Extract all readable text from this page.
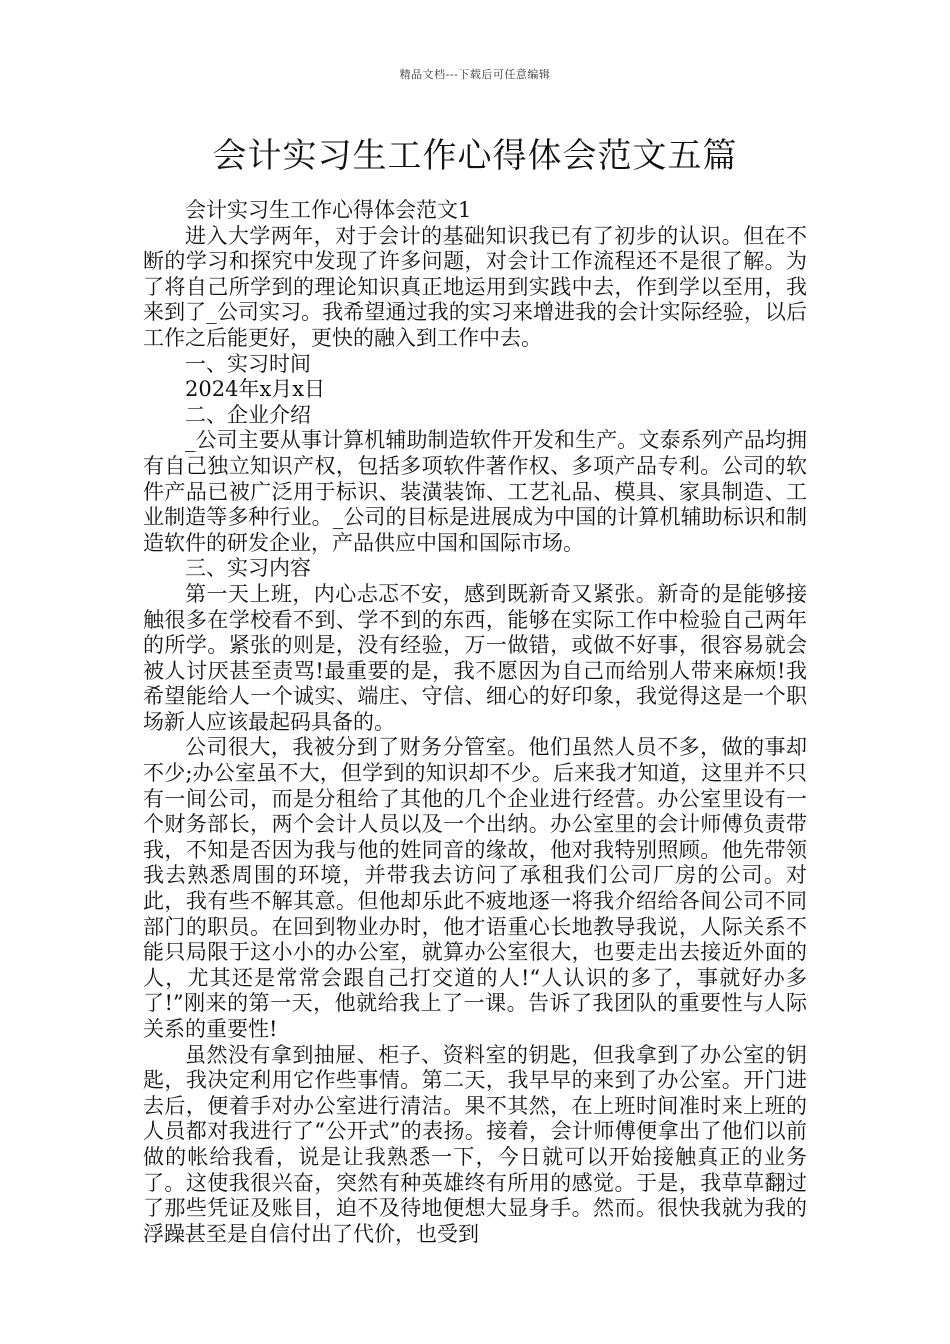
精品文档---下载后可任意编辑
会计实习生工作心得体会范文五篇

会计实习生工作心得体会范文1

进入大学两年，对于会计的基础知识我已有了初步的认识。但在不断的学习和探究中发现了许多问题，对会计工作流程还不是很了解。为了将自己所学到的理论知识真正地运用到实践中去，作到学以至用，我来到了_公司实习。我希望通过我的实习来增进我的会计实际经验，以后工作之后能更好，更快的融入到工作中去。

一、实习时间

2024年x月x日

二、企业介绍

_公司主要从事计算机辅助制造软件开发和生产。文泰系列产品均拥有自己独立知识产权，包括多项软件著作权、多项产品专利。公司的软件产品已被广泛用于标识、装潢装饰、工艺礼品、模具、家具制造、工业制造等多种行业。_公司的目标是进展成为中国的计算机辅助标识和制造软件的研发企业，产品供应中国和国际市场。

三、实习内容

第一天上班，内心忐忑不安，感到既新奇又紧张。新奇的是能够接触很多在学校看不到、学不到的东西，能够在实际工作中检验自己两年的所学。紧张的则是，没有经验，万一做错，或做不好事，很容易就会被人讨厌甚至责骂!最重要的是，我不愿因为自己而给别人带来麻烦!我希望能给人一个诚实、端庄、守信、细心的好印象，我觉得这是一个职场新人应该最起码具备的。

公司很大，我被分到了财务分管室。他们虽然人员不多，做的事却不少;办公室虽不大，但学到的知识却不少。后来我才知道，这里并不只有一间公司，而是分租给了其他的几个企业进行经营。办公室里设有一个财务部长，两个会计人员以及一个出纳。办公室里的会计师傅负责带我，不知是否因为我与他的姓同音的缘故，他对我特别照顾。他先带领我去熟悉周围的环境，并带我去访问了承租我们公司厂房的公司。对此，我有些不解其意。但他却乐此不疲地逐一将我介绍给各间公司不同部门的职员。在回到物业办时，他才语重心长地教导我说，人际关系不能只局限于这小小的办公室，就算办公室很大，也要走出去接近外面的人，尤其还是常常会跟自己打交道的人!“人认识的多了，事就好办多了!”刚来的第一天，他就给我上了一课。告诉了我团队的重要性与人际关系的重要性!

虽然没有拿到抽屉、柜子、资料室的钥匙，但我拿到了办公室的钥匙，我决定利用它作些事情。第二天，我早早的来到了办公室。开门进去后，便着手对办公室进行清洁。果不其然，在上班时间准时来上班的人员都对我进行了“公开式”的表扬。接着，会计师傅便拿出了他们以前做的帐给我看，说是让我熟悉一下，今日就可以开始接触真正的业务了。这使我很兴奋，突然有种英雄终有所用的感觉。于是，我草草翻过了那些凭证及账目，迫不及待地便想大显身手。然而。很快我就为我的浮躁甚至是自信付出了代价，也受到
